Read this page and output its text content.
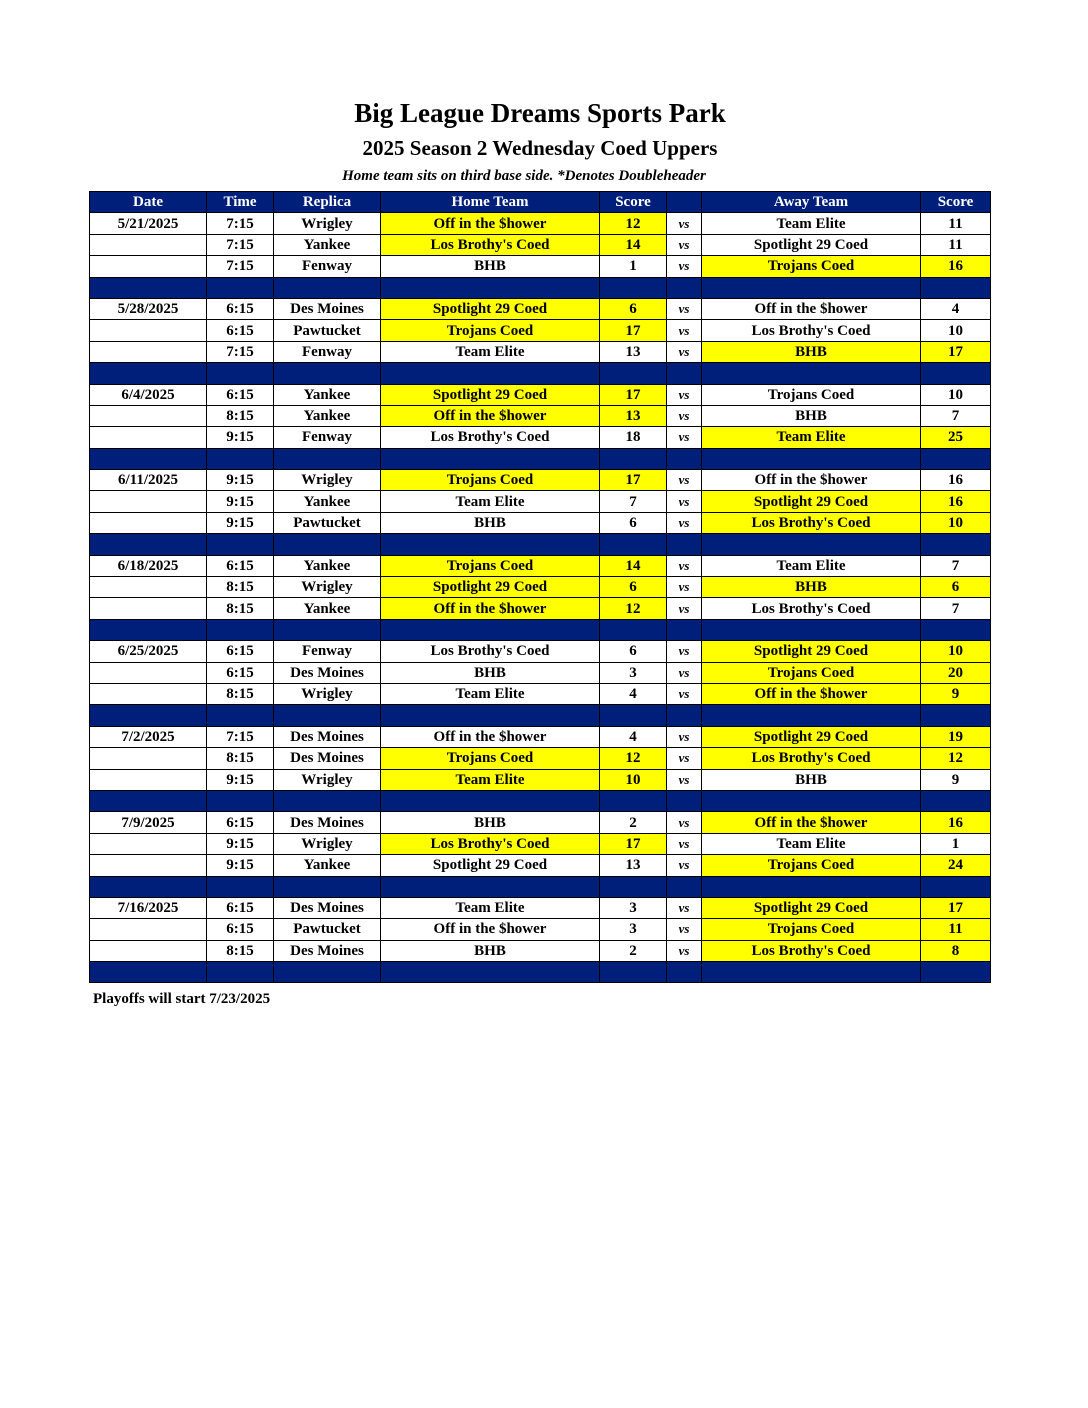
Big League Dreams Sports Park
2025 Season 2 Wednesday Coed Uppers
Home team sits on third base side. *Denotes Doubleheader
Date	Time	Replica	Home Team	Score		Away Team	Score
5/21/2025	7:15	Wrigley	Off in the $hower	12	vs	Team Elite	11
	7:15	Yankee	Los Brothy's Coed	14	vs	Spotlight 29 Coed	11
	7:15	Fenway	BHB	1	vs	Trojans Coed	16

5/28/2025	6:15	Des Moines	Spotlight 29 Coed	6	vs	Off in the $hower	4
	6:15	Pawtucket	Trojans Coed	17	vs	Los Brothy's Coed	10
	7:15	Fenway	Team Elite	13	vs	BHB	17

6/4/2025	6:15	Yankee	Spotlight 29 Coed	17	vs	Trojans Coed	10
	8:15	Yankee	Off in the $hower	13	vs	BHB	7
	9:15	Fenway	Los Brothy's Coed	18	vs	Team Elite	25

6/11/2025	9:15	Wrigley	Trojans Coed	17	vs	Off in the $hower	16
	9:15	Yankee	Team Elite	7	vs	Spotlight 29 Coed	16
	9:15	Pawtucket	BHB	6	vs	Los Brothy's Coed	10

6/18/2025	6:15	Yankee	Trojans Coed	14	vs	Team Elite	7
	8:15	Wrigley	Spotlight 29 Coed	6	vs	BHB	6
	8:15	Yankee	Off in the $hower	12	vs	Los Brothy's Coed	7

6/25/2025	6:15	Fenway	Los Brothy's Coed	6	vs	Spotlight 29 Coed	10
	6:15	Des Moines	BHB	3	vs	Trojans Coed	20
	8:15	Wrigley	Team Elite	4	vs	Off in the $hower	9

7/2/2025	7:15	Des Moines	Off in the $hower	4	vs	Spotlight 29 Coed	19
	8:15	Des Moines	Trojans Coed	12	vs	Los Brothy's Coed	12
	9:15	Wrigley	Team Elite	10	vs	BHB	9

7/9/2025	6:15	Des Moines	BHB	2	vs	Off in the $hower	16
	9:15	Wrigley	Los Brothy's Coed	17	vs	Team Elite	1
	9:15	Yankee	Spotlight 29 Coed	13	vs	Trojans Coed	24

7/16/2025	6:15	Des Moines	Team Elite	3	vs	Spotlight 29 Coed	17
	6:15	Pawtucket	Off in the $hower	3	vs	Trojans Coed	11
	8:15	Des Moines	BHB	2	vs	Los Brothy's Coed	8

Playoffs will start 7/23/2025
